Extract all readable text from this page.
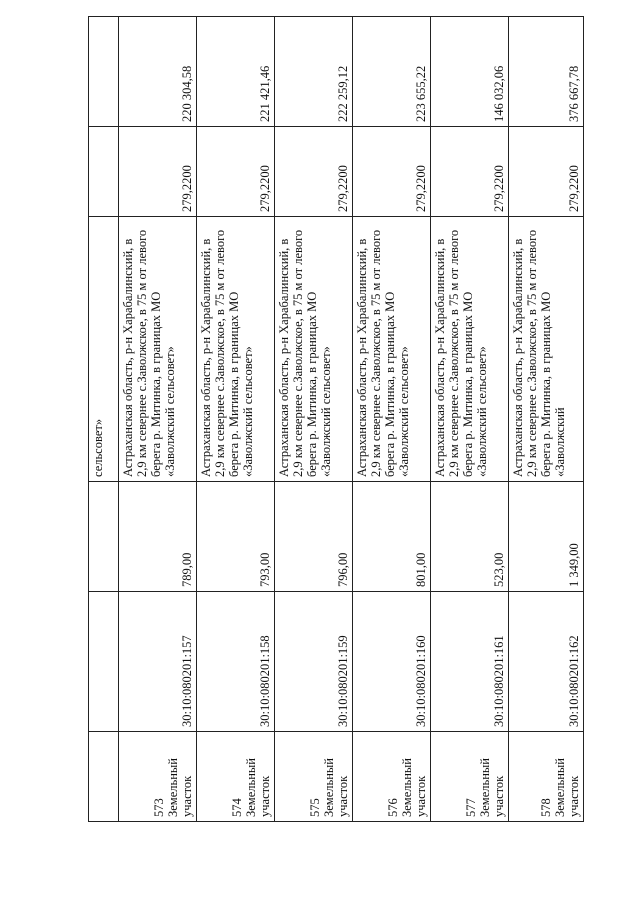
			сельсовет»		

573 Земельный участок	30:10:080201:157	789,00	Астраханская область, р-н Харабалинский, в 2,9 км севернее с.Заволжское, в 75 м от левого берега р. Митинка, в границах МО «Заволжский сельсовет»	279,2200	220 304,58

574 Земельный участок	30:10:080201:158	793,00	Астраханская область, р-н Харабалинский, в 2,9 км севернее с.Заволжское, в 75 м от левого берега р. Митинка, в границах МО «Заволжский сельсовет»	279,2200	221 421,46

575 Земельный участок	30:10:080201:159	796,00	Астраханская область, р-н Харабалинский, в 2,9 км севернее с.Заволжское, в 75 м от левого берега р. Митинка, в границах МО «Заволжский сельсовет»	279,2200	222 259,12

576 Земельный участок	30:10:080201:160	801,00	Астраханская область, р-н Харабалинский, в 2,9 км севернее с.Заволжское, в 75 м от левого берега р. Митинка, в границах МО «Заволжский сельсовет»	279,2200	223 655,22

577 Земельный участок	30:10:080201:161	523,00	Астраханская область, р-н Харабалинский, в 2,9 км севернее с.Заволжское, в 75 м от левого берега р. Митинка, в границах МО «Заволжский сельсовет»	279,2200	146 032,06

578 Земельный участок	30:10:080201:162	1 349,00	Астраханская область, р-н Харабалинский, в 2,9 км севернее с.Заволжское, в 75 м от левого берега р. Митинка, в границах МО «Заволжский	279,2200	376 667,78
